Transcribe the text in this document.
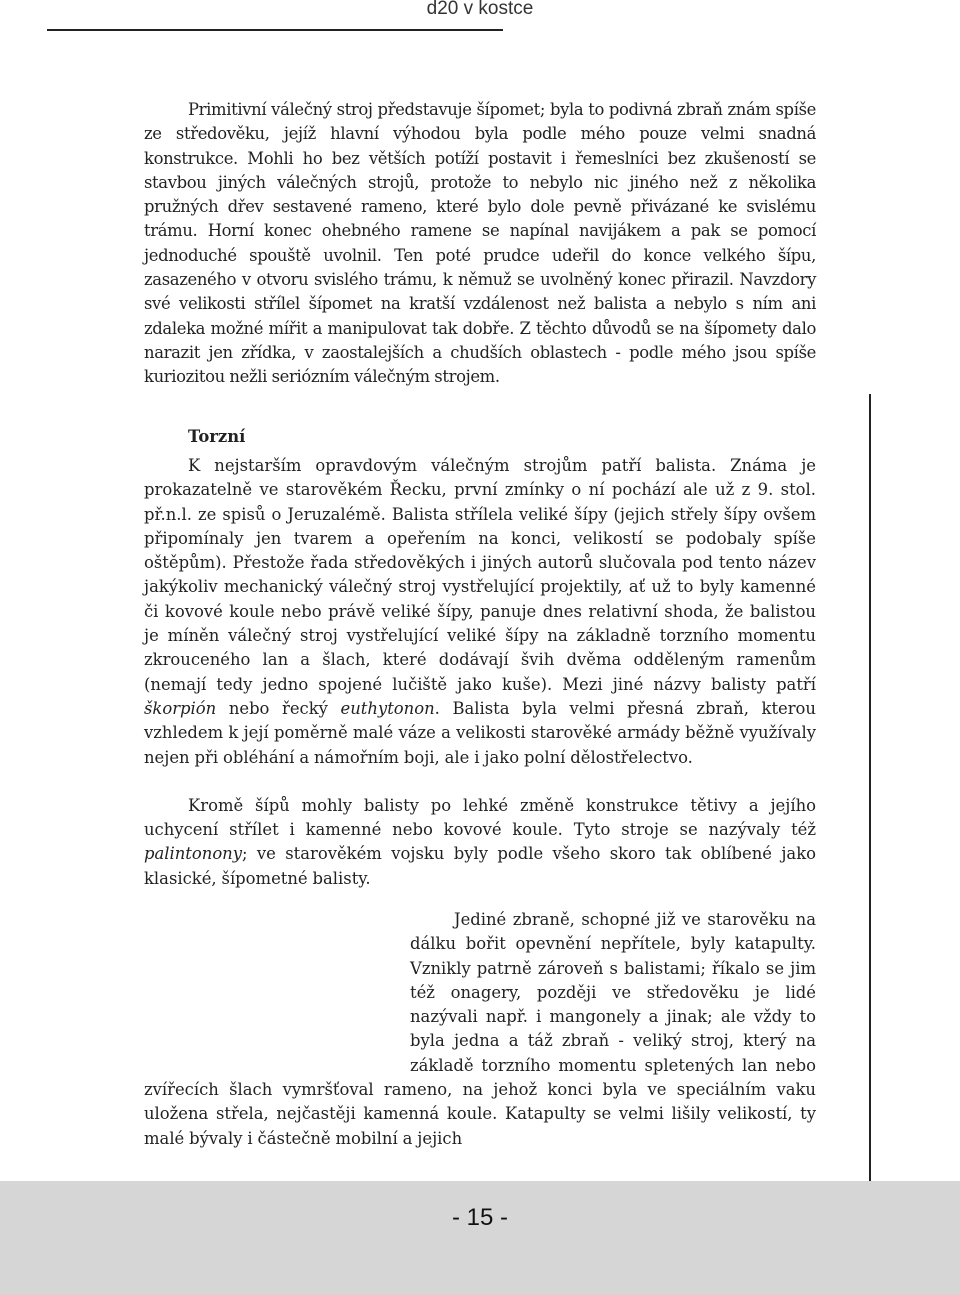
d20 v kostce

Primitivní válečný stroj představuje šípomet; byla to podivná zbraň znám spíše ze středověku, jejíž hlavní výhodou byla podle mého pouze velmi snadná konstrukce. Mohli ho bez větších potíží postavit i řemeslníci bez zkušeností se stavbou jiných válečných strojů, protože to nebylo nic jiného než z několika pružných dřev sestavené rameno, které bylo dole pevně přivázané ke svislému trámu. Horní konec ohebného ramene se napínal navijákem a pak se pomocí jednoduché spouště uvolnil. Ten poté prudce udeřil do konce velkého šípu, zasazeného v otvoru svislého trámu, k němuž se uvolněný konec přirazil. Navzdory své velikosti střílel šípomet na kratší vzdálenost než balista a nebylo s ním ani zdaleka možné mířit a manipulovat tak dobře. Z těchto důvodů se na šípomety dalo narazit jen zřídka, v zaostalejších a chudších oblastech - podle mého jsou spíše kuriozitou nežli seriózním válečným strojem.

Torzní

K nejstarším opravdovým válečným strojům patří balista. Známa je prokazatelně ve starověkém Řecku, první zmínky o ní pochází ale už z 9. stol. př.n.l. ze spisů o Jeruzalémě. Balista střílela veliké šípy (jejich střely šípy ovšem připomínaly jen tvarem a opeřením na konci, velikostí se podobaly spíše oštěpům). Přestože řada středověkých i jiných autorů slučovala pod tento název jakýkoliv mechanický válečný stroj vystřelující projektily, ať už to byly kamenné či kovové koule nebo právě veliké šípy, panuje dnes relativní shoda, že balistou je míněn válečný stroj vystřelující veliké šípy na základně torzního momentu zkrouceného lan a šlach, které dodávají švih dvěma odděleným ramenům (nemají tedy jedno spojené lučiště jako kuše). Mezi jiné názvy balisty patří škorpión nebo řecký euthytonon. Balista byla velmi přesná zbraň, kterou vzhledem k její poměrně malé váze a velikosti starověké armády běžně využívaly nejen při obléhání a námořním boji, ale i jako polní dělostřelectvo.

Kromě šípů mohly balisty po lehké změně konstrukce tětivy a jejího uchycení střílet i kamenné nebo kovové koule. Tyto stroje se nazývaly též palintonony; ve starověkém vojsku byly podle všeho skoro tak oblíbené jako klasické, šípometné balisty.

Jediné zbraně, schopné již ve starověku na dálku bořit opevnění nepřítele, byly katapulty. Vznikly patrně zároveň s balistami; říkalo se jim též onagery, později ve středověku je lidé nazývali např. i mangonely a jinak; ale vždy to byla jedna a táž zbraň - veliký stroj, který na základě torzního momentu spletených lan nebo zvířecích šlach vymršťoval rameno, na jehož konci byla ve speciálním vaku uložena střela, nejčastěji kamenná koule. Katapulty se velmi lišily velikostí, ty malé bývaly i částečně mobilní a jejich

- 15 -
